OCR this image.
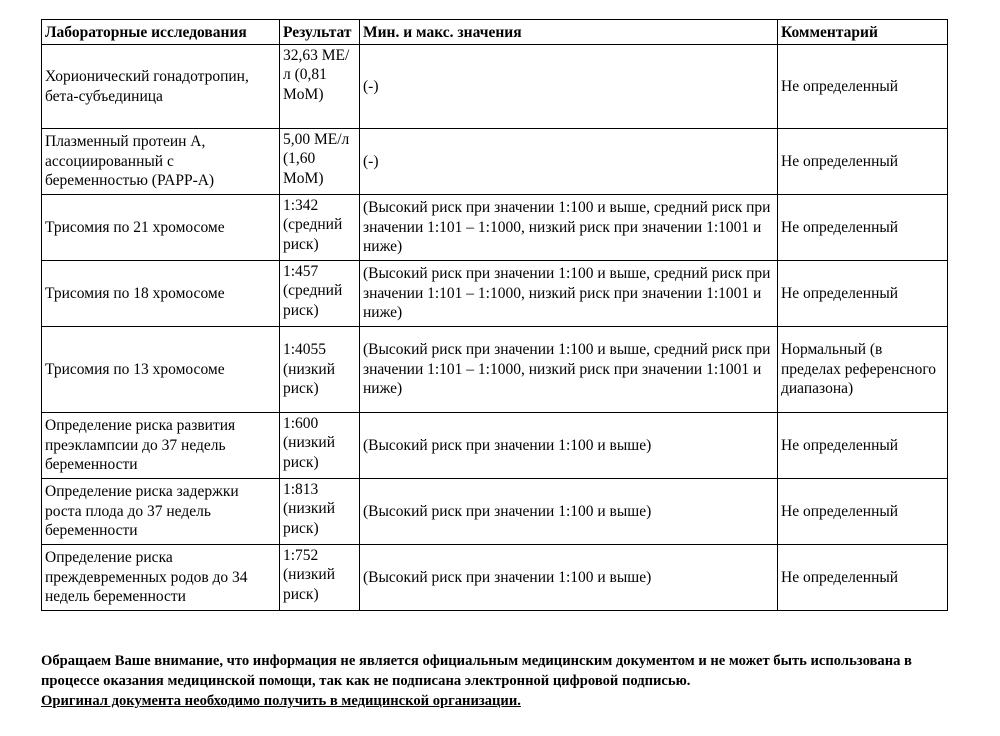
Лабораторные исследования	Результат	Мин. и макс. значения	Комментарий
Хорионический гонадотропин, бета-субъединица	32,63 МЕ/л (0,81 MoM)	(-)	Не определенный
Плазменный протеин А, ассоциированный с беременностью (PAPP-A)	5,00 МЕ/л (1,60 MoM)	(-)	Не определенный
Трисомия по 21 хромосоме	1:342 (средний риск)	(Высокий риск при значении 1:100 и выше, средний риск при значении 1:101 – 1:1000, низкий риск при значении 1:1001 и ниже)	Не определенный
Трисомия по 18 хромосоме	1:457 (средний риск)	(Высокий риск при значении 1:100 и выше, средний риск при значении 1:101 – 1:1000, низкий риск при значении 1:1001 и ниже)	Не определенный
Трисомия по 13 хромосоме	1:4055 (низкий риск)	(Высокий риск при значении 1:100 и выше, средний риск при значении 1:101 – 1:1000, низкий риск при значении 1:1001 и ниже)	Нормальный (в пределах референсного диапазона)
Определение риска развития преэклампсии до 37 недель беременности	1:600 (низкий риск)	(Высокий риск при значении 1:100 и выше)	Не определенный
Определение риска задержки роста плода до 37 недель беременности	1:813 (низкий риск)	(Высокий риск при значении 1:100 и выше)	Не определенный
Определение риска преждевременных родов до 34 недель беременности	1:752 (низкий риск)	(Высокий риск при значении 1:100 и выше)	Не определенный
Обращаем Ваше внимание, что информация не является официальным медицинским документом и не может быть использована в процессе оказания медицинской помощи, так как не подписана электронной цифровой подписью.
Оригинал документа необходимо получить в медицинской организации.
